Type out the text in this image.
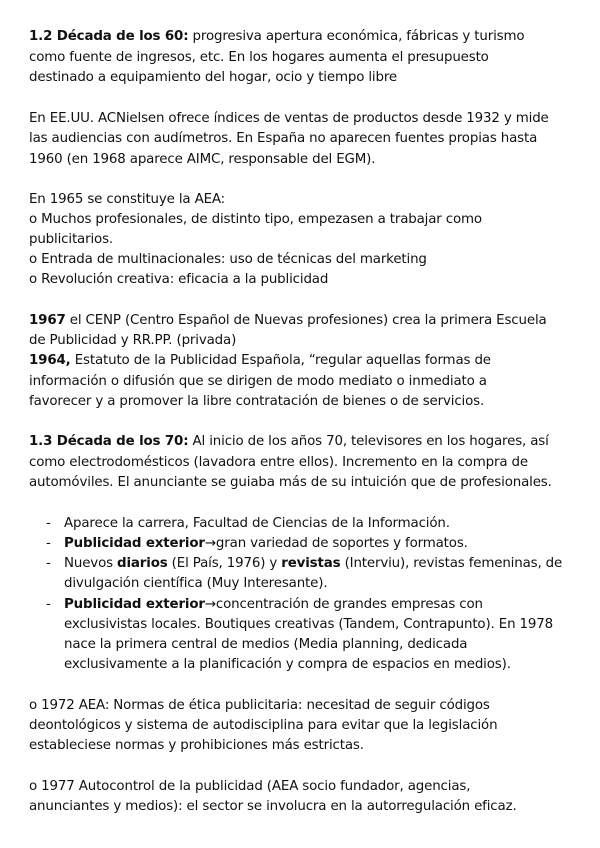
1.2 Década de los 60: progresiva apertura económica, fábricas y turismo
como fuente de ingresos, etc. En los hogares aumenta el presupuesto
destinado a equipamiento del hogar, ocio y tiempo libre
En EE.UU. ACNielsen ofrece índices de ventas de productos desde 1932 y mide
las audiencias con audímetros. En España no aparecen fuentes propias hasta
1960 (en 1968 aparece AIMC, responsable del EGM).
En 1965 se constituye la AEA:
o Muchos profesionales, de distinto tipo, empezasen a trabajar como
publicitarios.
o Entrada de multinacionales: uso de técnicas del marketing
o Revolución creativa: eficacia a la publicidad
1967 el CENP (Centro Español de Nuevas profesiones) crea la primera Escuela
de Publicidad y RR.PP. (privada)
1964, Estatuto de la Publicidad Española, “regular aquellas formas de
información o difusión que se dirigen de modo mediato o inmediato a
favorecer y a promover la libre contratación de bienes o de servicios.
1.3 Década de los 70: Al inicio de los años 70, televisores en los hogares, así
como electrodomésticos (lavadora entre ellos). Incremento en la compra de
automóviles. El anunciante se guiaba más de su intuición que de profesionales.
- Aparece la carrera, Facultad de Ciencias de la Información.
- Publicidad exterior→gran variedad de soportes y formatos.
- Nuevos diarios (El País, 1976) y revistas (Interviu), revistas femeninas, de
divulgación científica (Muy Interesante).
- Publicidad exterior→concentración de grandes empresas con
exclusivistas locales. Boutiques creativas (Tandem, Contrapunto). En 1978
nace la primera central de medios (Media planning, dedicada
exclusivamente a la planificación y compra de espacios en medios).
o 1972 AEA: Normas de ética publicitaria: necesitad de seguir códigos
deontológicos y sistema de autodisciplina para evitar que la legislación
estableciese normas y prohibiciones más estrictas.
o 1977 Autocontrol de la publicidad (AEA socio fundador, agencias,
anunciantes y medios): el sector se involucra en la autorregulación eficaz.
